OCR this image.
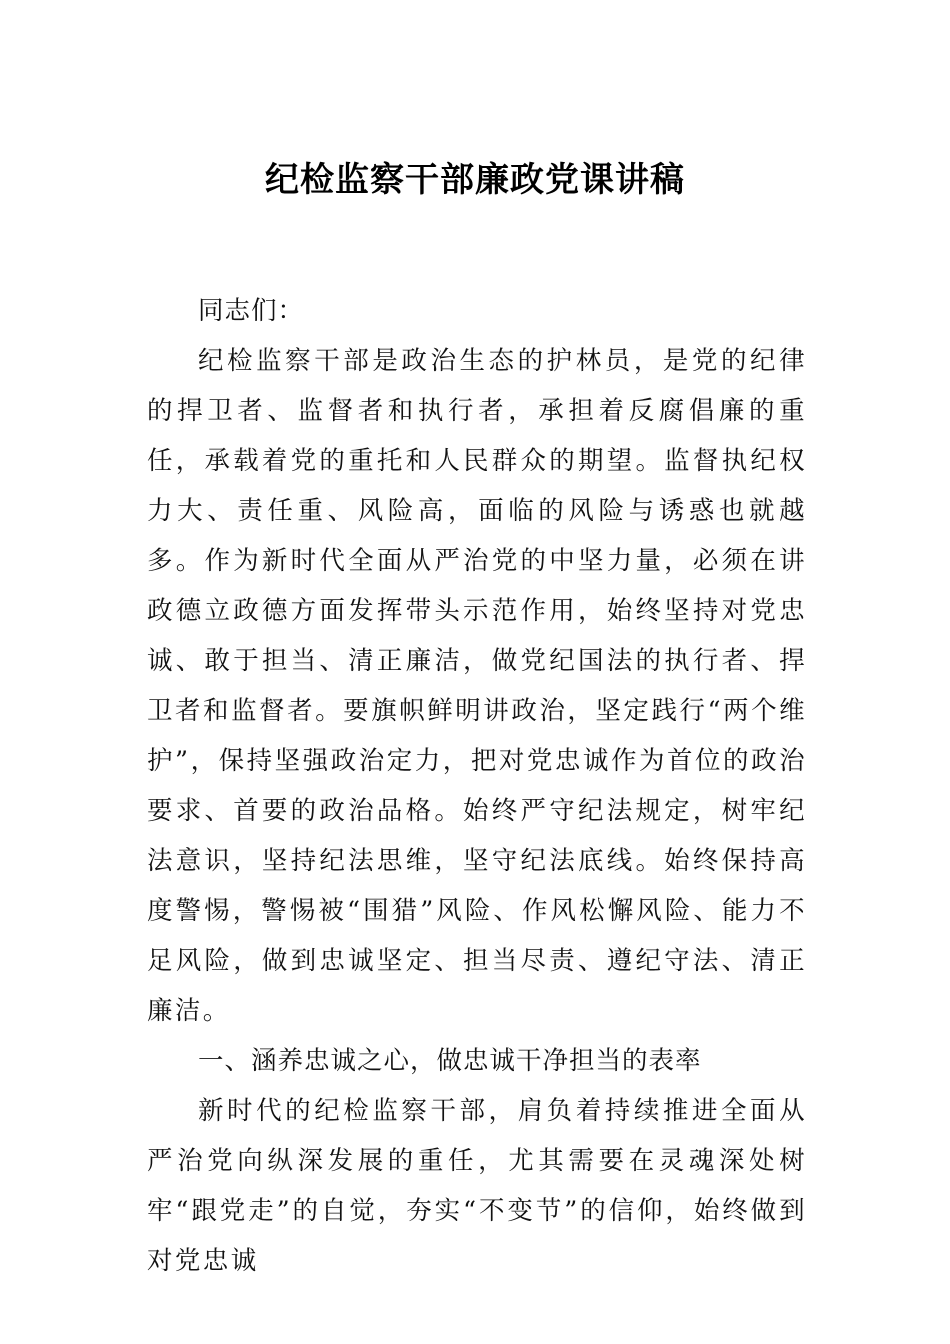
纪检监察干部廉政党课讲稿

同志们：

纪检监察干部是政治生态的护林员，是党的纪律的捍卫者、监督者和执行者，承担着反腐倡廉的重任，承载着党的重托和人民群众的期望。监督执纪权力大、责任重、风险高，面临的风险与诱惑也就越多。作为新时代全面从严治党的中坚力量，必须在讲政德立政德方面发挥带头示范作用，始终坚持对党忠诚、敢于担当、清正廉洁，做党纪国法的执行者、捍卫者和监督者。要旗帜鲜明讲政治，坚定践行“两个维护”，保持坚强政治定力，把对党忠诚作为首位的政治要求、首要的政治品格。始终严守纪法规定，树牢纪法意识，坚持纪法思维，坚守纪法底线。始终保持高度警惕，警惕被“围猎”风险、作风松懈风险、能力不足风险，做到忠诚坚定、担当尽责、遵纪守法、清正廉洁。

一、涵养忠诚之心，做忠诚干净担当的表率

新时代的纪检监察干部，肩负着持续推进全面从严治党向纵深发展的重任，尤其需要在灵魂深处树牢“跟党走”的自觉，夯实“不变节”的信仰，始终做到对党忠诚
